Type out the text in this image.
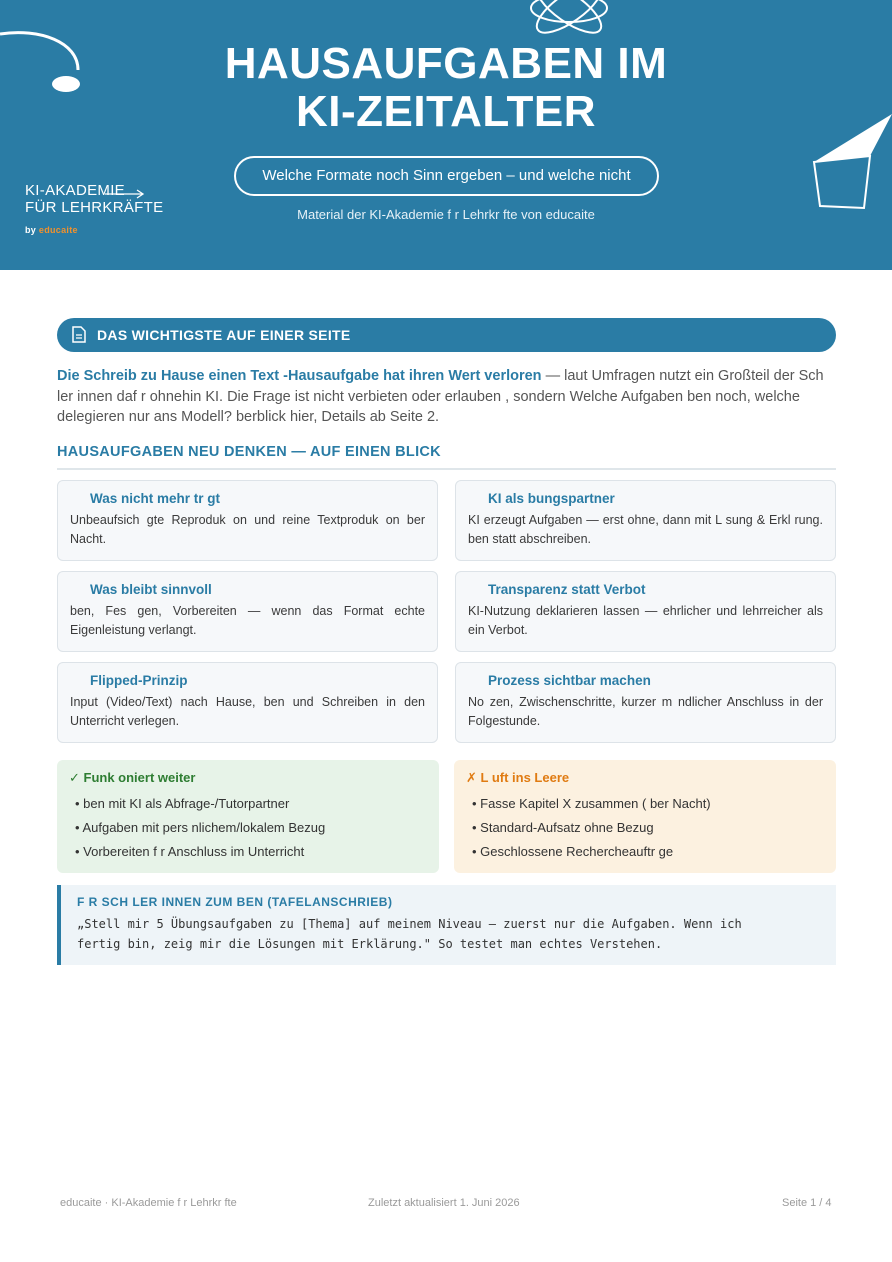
HAUSAUFGABEN IM
KI-ZEITALTER
Welche Formate noch Sinn ergeben – und welche nicht
Material der KI-Akademie f r Lehrkr fte von educaite
KI-AKADEMIE
FÜR LEHRKRÄFTE
by educaite
DAS WICHTIGSTE AUF EINER SEITE
Die Schreib zu Hause einen Text -Hausaufgabe hat ihren Wert verloren — laut Umfragen nutzt ein Großteil der Sch ler innen daf r ohnehin KI. Die Frage ist nicht verbieten oder erlauben , sondern Welche Aufgaben ben noch, welche delegieren nur ans Modell? berblick hier, Details ab Seite 2.
HAUSAUFGABEN NEU DENKEN — AUF EINEN BLICK
Was nicht mehr tr gt
Unbeaufsich gte Reproduk on und reine Textproduk on ber Nacht.
KI als bungspartner
KI erzeugt Aufgaben — erst ohne, dann mit L sung & Erkl rung. ben statt abschreiben.
Was bleibt sinnvoll
ben, Fes gen, Vorbereiten — wenn das Format echte Eigenleistung verlangt.
Transparenz statt Verbot
KI-Nutzung deklarieren lassen — ehrlicher und lehrreicher als ein Verbot.
Flipped-Prinzip
Input (Video/Text) nach Hause, ben und Schreiben in den Unterricht verlegen.
Prozess sichtbar machen
No zen, Zwischenschritte, kurzer m ndlicher Anschluss in der Folgestunde.
✓ Funk oniert weiter
• ben mit KI als Abfrage-/Tutorpartner
• Aufgaben mit pers nlichem/lokalem Bezug
• Vorbereiten f r Anschluss im Unterricht
✗ L uft ins Leere
• Fasse Kapitel X zusammen ( ber Nacht)
• Standard-Aufsatz ohne Bezug
• Geschlossene Rechercheauftr ge
F R SCH LER INNEN ZUM BEN (TAFELANSCHRIEB)
„Stell mir 5 Übungsaufgaben zu [Thema] auf meinem Niveau – zuerst nur die Aufgaben. Wenn ich
fertig bin, zeig mir die Lösungen mit Erklärung." So testet man echtes Verstehen.
educaite · KI-Akademie f r Lehrkr fte	Zuletzt aktualisiert 1. Juni 2026	Seite 1 / 4
